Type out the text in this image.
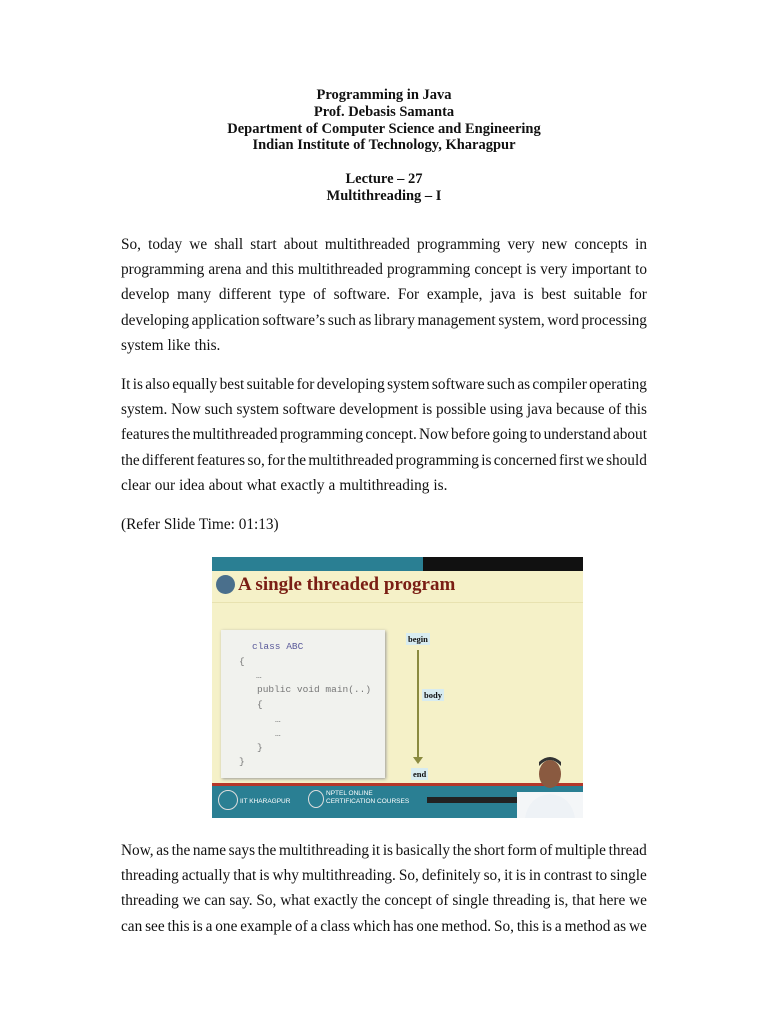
Programming in Java
Prof. Debasis Samanta
Department of Computer Science and Engineering
Indian Institute of Technology, Kharagpur
Lecture – 27
Multithreading – I
So, today we shall start about multithreaded programming very new concepts in
programming arena and this multithreaded programming concept is very important to
develop many different type of software. For example, java is best suitable for
developing application software’s such as library management system, word processing
system like this.
It is also equally best suitable for developing system software such as compiler operating
system. Now such system software development is possible using java because of this
features the multithreaded programming concept. Now before going to understand about
the different features so, for the multithreaded programming is concerned first we should
clear our idea about what exactly a multithreading is.
(Refer Slide Time: 01:13)
A single threaded program
class ABC
{
…
public void main(..)
{
…
…
}
}
begin
body
end
IIT KHARAGPUR
NPTEL ONLINE
CERTIFICATION COURSES
Now, as the name says the multithreading it is basically the short form of multiple thread
threading actually that is why multithreading. So, definitely so, it is in contrast to single
threading we can say. So, what exactly the concept of single threading is, that here we
can see this is a one example of a class which has one method. So, this is a method as we
